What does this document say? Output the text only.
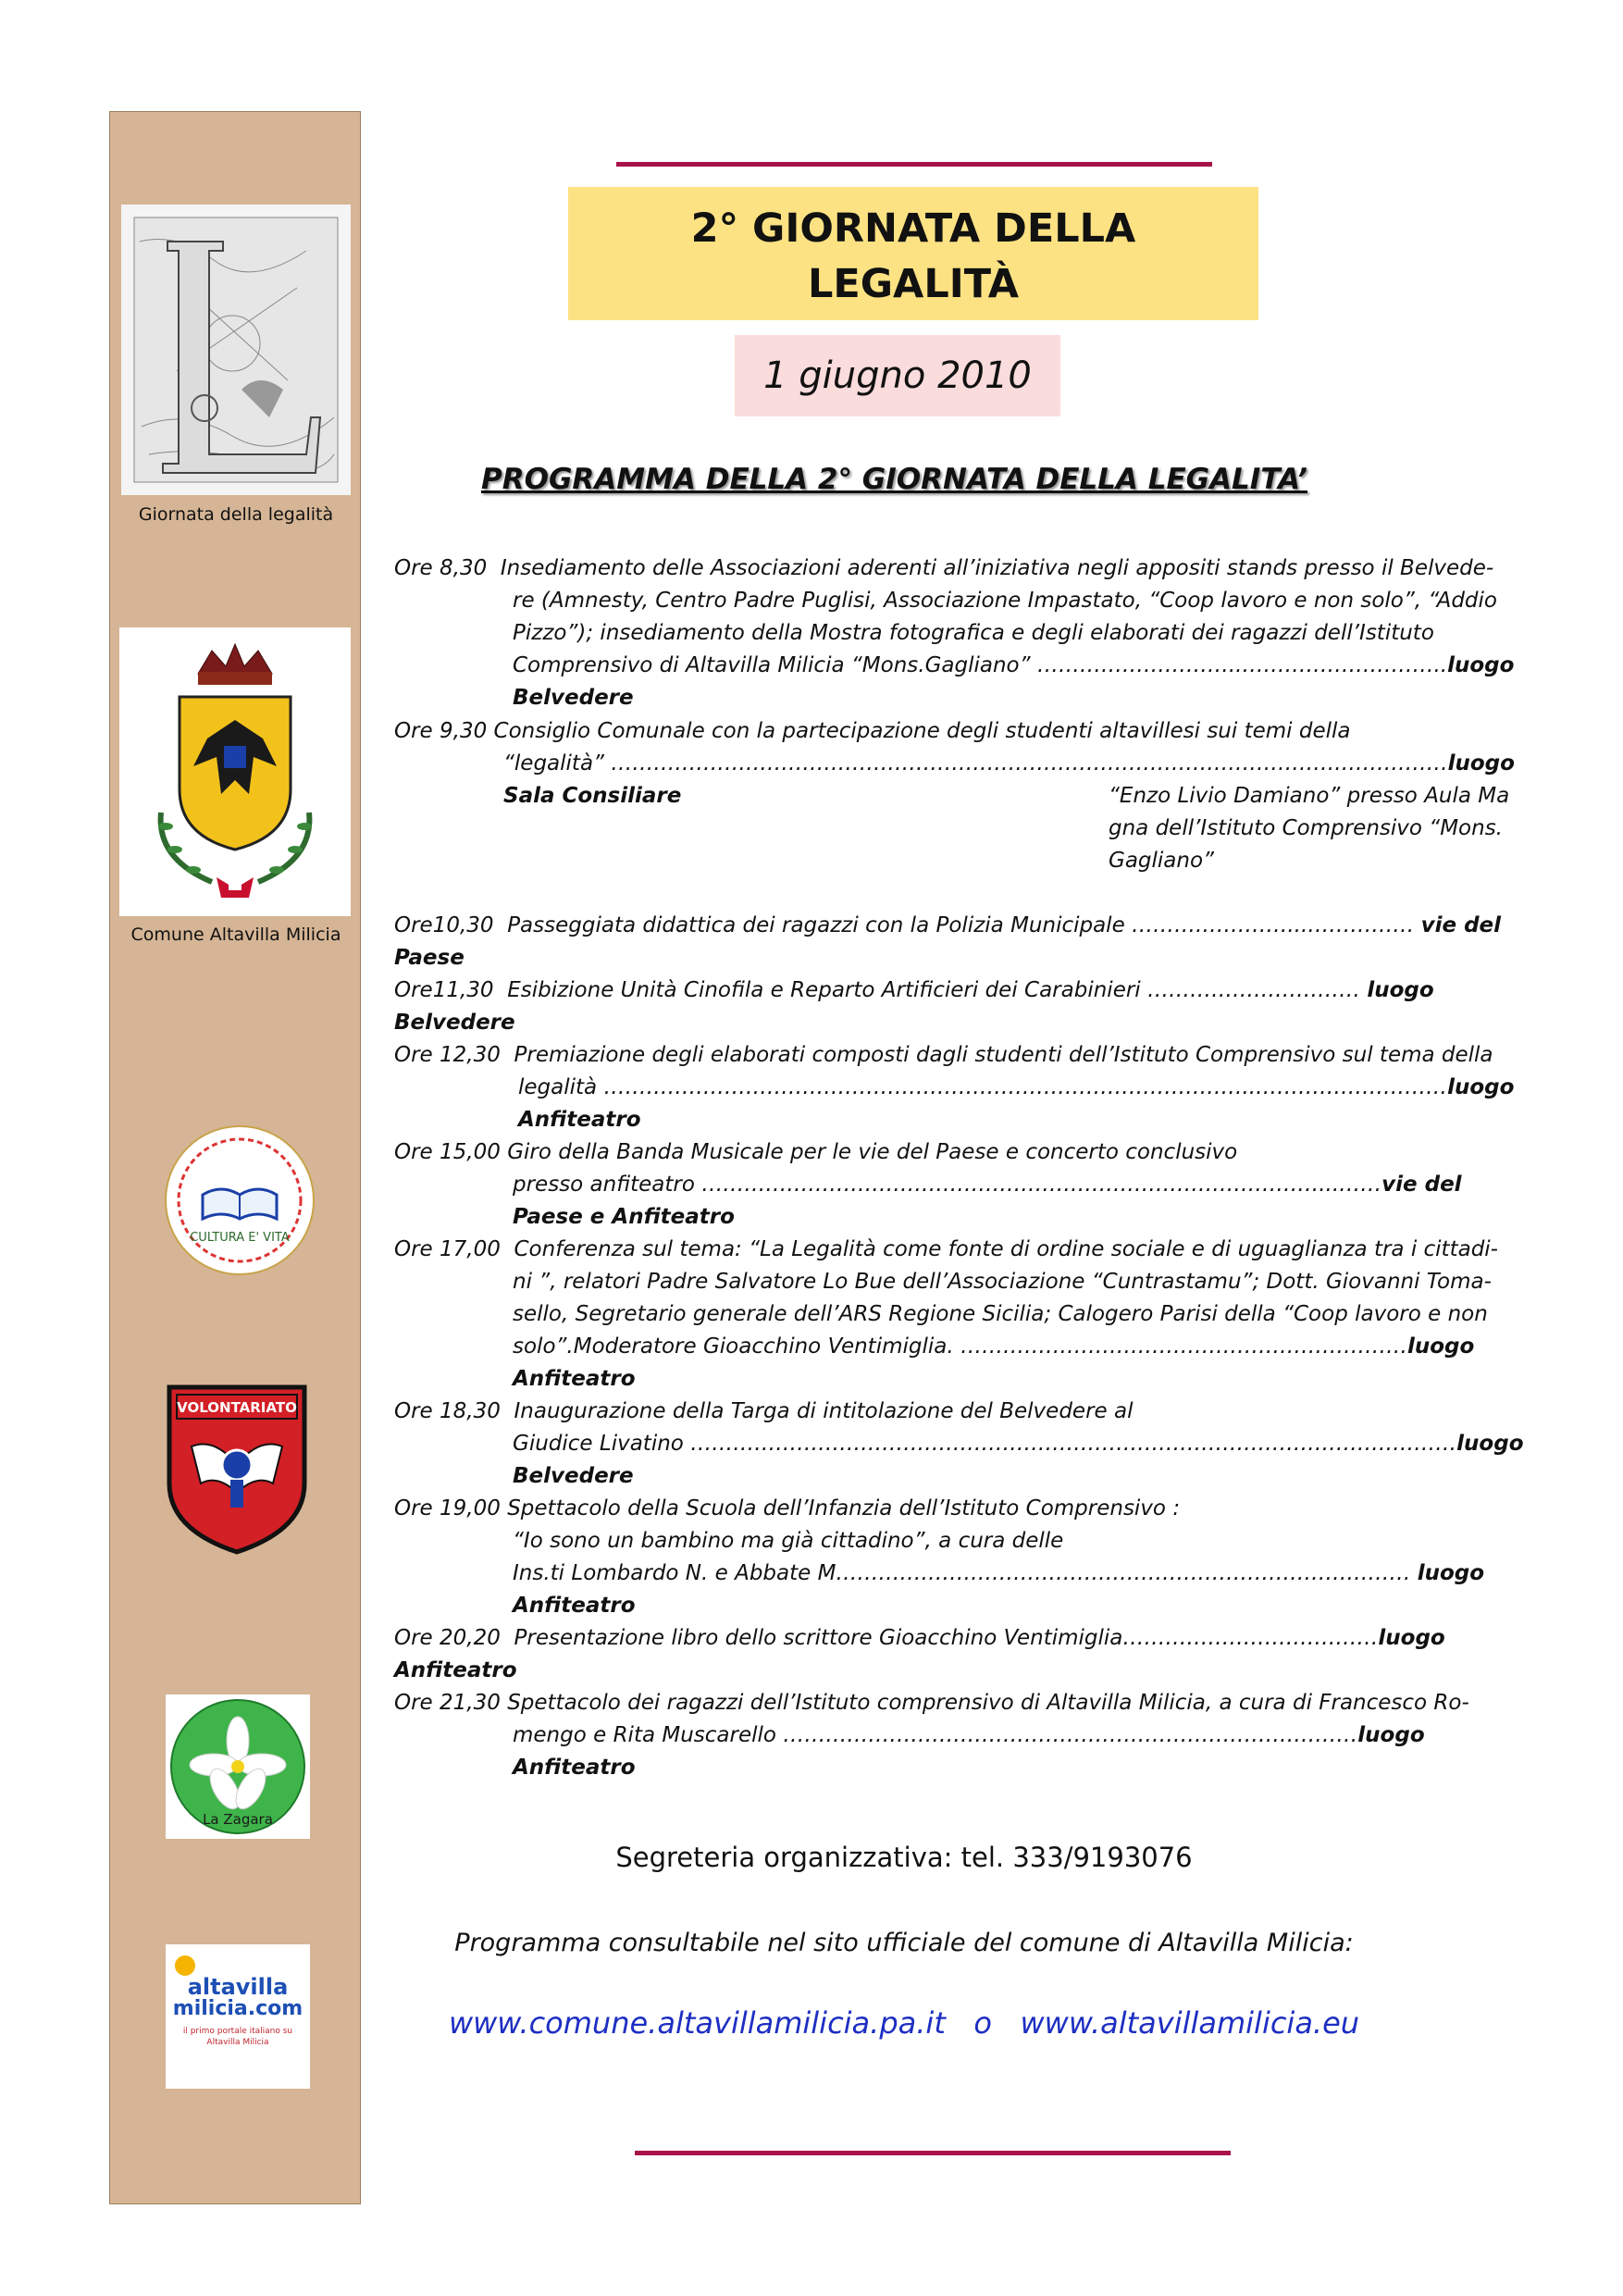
Giornata della legalità
Comune Altavilla Milicia
CULTURA E' VITA
VOLONTARIATO
La Zagara
altavilla
milicia.com
il primo portale italiano su Altavilla Milicia
2° GIORNATA DELLA
LEGALITÀ
1 giugno 2010
PROGRAMMA DELLA 2° GIORNATA DELLA LEGALITA’
Ore 8,30 Insediamento delle Associazioni aderenti all’iniziativa negli appositi stands presso il Belvede-
re (Amnesty, Centro Padre Puglisi, Associazione Impastato, “Coop lavoro e non solo”, “Addio
Pizzo”); insediamento della Mostra fotografica e degli elaborati dei ragazzi dell’Istituto
Comprensivo di Altavilla Milicia “Mons.Gagliano” ………………………..………………………..luogo Belvedere
Ore 9,30 Consiglio Comunale con la partecipazione degli studenti altavillesi sui temi della
“legalità” ………………………………………………………………………………………….……………luogo Sala Consiliare	“Enzo Livio Damiano” presso Aula Ma
gna dell’Istituto Comprensivo “Mons.
Gagliano”
Ore10,30 Passeggiata didattica dei ragazzi con la Polizia Municipale ……….…………...…………… vie del Paese
Ore11,30 Esibizione Unità Cinofila e Reparto Artificieri dei Carabinieri ………………………… luogo Belvedere
Ore 12,30 Premiazione degli elaborati composti dagli studenti dell’Istituto Comprensivo sul tema della
legalità ………………………………………………………………………………..………………………luogo Anfiteatro
Ore 15,00 Giro della Banda Musicale per le vie del Paese e concerto conclusivo
presso anfiteatro ……………………………………………………………………………...……vie del Paese e Anfiteatro
Ore 17,00 Conferenza sul tema: “La Legalità come fonte di ordine sociale e di uguaglianza tra i cittadi-
ni ”, relatori Padre Salvatore Lo Bue dell’Associazione “Cuntrastamu”; Dott. Giovanni Toma-
sello, Segretario generale dell’ARS Regione Sicilia; Calogero Parisi della “Coop lavoro e non
solo”.Moderatore Gioacchino Ventimiglia. ………………………………………………………luogo Anfiteatro
Ore 18,30 Inaugurazione della Targa di intitolazione del Belvedere al
Giudice Livatino ………………………………………………………………………………………………luogo Belvedere
Ore 19,00 Spettacolo della Scuola dell’Infanzia dell’Istituto Comprensivo :
“Io sono un bambino ma già cittadino”, a cura delle
Ins.ti Lombardo N. e Abbate M……………………………………………………………………… luogo Anfiteatro
Ore 20,20 Presentazione libro dello scrittore Gioacchino Ventimiglia………………………………luogo Anfiteatro
Ore 21,30 Spettacolo dei ragazzi dell’Istituto comprensivo di Altavilla Milicia, a cura di Francesco Ro-
mengo e Rita Muscarello ………………………………………………………………………luogo Anfiteatro
Segreteria organizzativa: tel. 333/9193076
Programma consultabile nel sito ufficiale del comune di Altavilla Milicia:
www.comune.altavillamilicia.pa.it o www.altavillamilicia.eu
